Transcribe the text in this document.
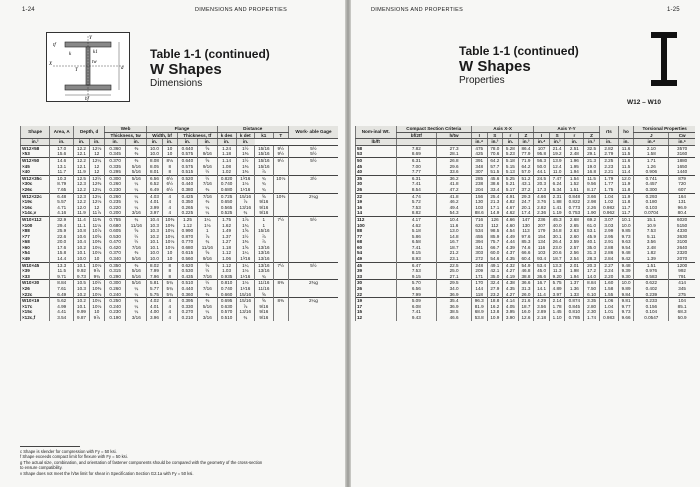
1-24	DIMENSIONS AND PROPERTIES
tf
bf
d
X
Y
tw
k	k1
T
Table 1-1 (continued)
W Shapes
Dimensions
Shape	Area, A	Depth, d		Web		Flange				Distance				Work- able Gage
				Thickness, tw		Width, bf		Thickness, tf		k des	k det	k1	T	
in.²	in.	in.	in.	in.	in.	in.	in.	in.	in.	in.	in.			
W12×58	17.0	12.2	12⅛	0.360	⅜	10.0	10	0.640	⅝	1.24	1½	15/16	9½	5½
×53	15.6	12.1	12	0.345	⅜	10.0	10	0.575	9/16	1.18	1⅜	15/16	9½	5½
W12×50	14.6	12.2	12¼	0.370	⅜	8.08	8⅛	0.640	⅝	1.14	1½	15/16	9½	5½
×45	13.1	12.1	12	0.335	5/16	8.05	8	0.575	9/16	1.08	1⅜	15/16		
×40	11.7	11.9	12	0.295	5/16	8.01	8	0.515	½	1.02	1⅜	⅞		
W12×35c	10.3	12.5	12½	0.300	5/16	6.56	6½	0.520	½	0.820	1³⁄16	¾	10⅛	3½
×30c	8.79	12.3	12⅜	0.260	¼	6.52	6½	0.440	7/16	0.740	1⅛	¾		
×26c	7.65	12.2	12¼	0.230	¼	6.49	6½	0.380	⅜	0.680	1¹⁄16	¾		
W12×22c	6.48	12.3	12¼	0.260	¼	4.03	4	0.425	7/16	0.725	15/16	⅝	10⅜	2¼g
×19c	5.57	12.2	12⅛	0.235	¼	4.01	4	0.350	⅜	0.650	⅞	9/16		
×16c	4.71	12.0	12	0.220	¼	3.99	4	0.265	¼	0.565	13/16	9/16		
×14c,v	4.16	11.9	11⅞	0.200	3/16	3.97	4	0.225	¼	0.525	¾	9/16		
W10×112	32.9	11.4	11⅜	0.755	¾	10.4	10⅜	1.25	1¼	1.75	1⅞	1	7½	5½
×100	29.4	11.1	11⅛	0.680	11/16	10.3	10⅜	1.12	1⅛	1.62	1¾	1		
×88	25.9	10.8	10⅞	0.605	⅝	10.3	10¼	0.990	1	1.49	1⅝	15/16		
×77	22.6	10.6	10⅝	0.530	½	10.2	10¼	0.870	⅞	1.37	1½	⅞		
×68	20.0	10.4	10⅜	0.470	½	10.1	10⅛	0.770	¾	1.27	1⅜	⅞		
×60	17.6	10.2	10¼	0.420	7/16	10.1	10⅛	0.680	11/16	1.18	1⅝	13/16		
×54	15.8	10.1	10⅛	0.370	⅜	10.0	10	0.615	⅝	1.12	1¼	13/16		
×49	14.4	10.0	10	0.340	5/16	10.0	10	0.560	9/16	1.06	1³⁄16	13/16		
W10×45	13.3	10.1	10⅛	0.350	⅜	8.02	8	0.620	⅝	1.12	1¼	13/16	7½	5½
×39	11.5	9.92	9⅞	0.315	5/16	7.99	8	0.530	½	1.03	1⅛	13/16		
×33	9.71	9.73	9¾	0.290	5/16	7.96	8	0.435	7/16	0.935	1¹⁄16	¾		
W10×30	8.84	10.5	10½	0.300	5/16	5.81	5¾	0.510	½	0.810	1⅛	11/16	8⅜	2¾g
×26	7.61	10.3	10⅜	0.260	¼	5.77	5¾	0.440	7/16	0.740	1¹⁄16	11/16		
×22c	6.49	10.2	10⅛	0.240	¼	5.75	5¾	0.360	⅜	0.660	15/16	⅝		
W10×19	5.62	10.2	10¼	0.250	¼	4.02	4	0.395	⅜	0.695	15/16	⅝	8⅜	2¼g
×17c	4.99	10.1	10⅛	0.240	¼	4.01	4	0.330	5/16	0.630	⅞	9/16		
×15c	4.41	9.99	10	0.230	¼	4.00	4	0.270	¼	0.570	13/16	9/16		
×12c,f	3.54	9.87	9⅞	0.190	3/16	3.96	4	0.210	3/16	0.510	¾	9/16		
c Shape is slender for compression with Fy = 50 ksi.
f Shape exceeds compact limit for flexure with Fy = 50 ksi.
g The actual size, combination, and orientation of fastener components should be compared with the geometry of the cross-section
to ensure compatibility.
v Shape does not meet the h/tw limit for shear in Specification Section G2.1a with Fy = 50 ksi.
DIMENSIONS AND PROPERTIES	1-25
Table 1-1 (continued)
W Shapes
Properties
W12 – W10
Nom-inal Wt.	Compact Section Criteria		Axis X-X				Axis Y-Y				rts	ho	Torsional Properties	
	bf/2tf	h/tw	I	S	r	Z	I	S	r	Z			J	Cw
lb/ft			in.⁴	in.³	in.	in.³	in.⁴	in.³	in.	in.³	in.	in.	in.⁴	in.⁶
58	7.82	27.3	475	78.0	5.28	86.4	107	21.4	2.51	32.5	2.82	11.6	2.10	3570
53	8.69	28.1	425	70.6	5.23	77.9	95.8	19.2	2.48	29.1	2.79	11.5	1.58	3160
50	6.31	26.8	391	64.2	5.18	71.9	56.3	13.9	1.96	21.3	2.25	11.6	1.71	1880
45	7.00	29.6	348	57.7	5.15	64.2	50.0	12.4	1.95	19.0	2.23	11.5	1.26	1650
40	7.77	33.6	307	51.5	5.13	57.0	44.1	11.0	1.94	16.8	2.21	11.4	0.906	1440
35	6.31	36.2	285	45.6	5.25	51.2	24.5	7.47	1.54	11.5	1.79	12.0	0.741	879
30	7.41	41.8	238	38.6	5.21	43.1	20.3	6.24	1.52	9.56	1.77	11.9	0.457	720
26	8.54	47.2	204	33.4	5.17	37.2	17.3	5.34	1.51	8.17	1.75	11.8	0.300	607
22	4.74	41.8	156	25.4	4.91	29.3	4.66	2.31	0.848	3.66	1.04	11.9	0.293	164
19	5.72	46.2	130	21.3	4.82	24.7	3.76	1.88	0.822	2.98	1.02	11.8	0.180	131
16	7.53	49.4	103	17.1	4.67	20.1	2.82	1.41	0.773	2.26	0.982	11.7	0.103	96.9
14	8.82	54.3	88.6	14.9	4.62	17.4	2.36	1.19	0.753	1.90	0.962	11.7	0.0704	80.4
112	4.17	10.4	716	126	4.66	147	236	45.3	2.68	69.2	3.07	10.1	15.1	6020
100	4.62	11.6	623	112	4.60	130	207	40.0	2.65	61.0	3.03	10.0	10.9	5150
88	5.18	13.0	534	98.5	4.54	113	179	34.8	2.63	53.1	2.99	9.85	7.53	4330
77	5.86	14.8	455	85.9	4.49	97.6	154	30.1	2.60	45.9	2.95	9.73	5.11	3630
68	6.58	16.7	394	75.7	4.44	85.3	134	26.4	2.59	40.1	2.91	9.63	3.56	3100
60	7.41	18.7	341	66.7	4.39	74.6	116	23.0	2.57	35.0	2.88	9.54	2.48	2640
54	8.15	21.2	303	60.0	4.37	66.6	103	20.6	2.56	31.3	2.86	9.48	1.82	2320
49	8.93	23.1	272	54.6	4.35	60.4	93.4	18.7	2.54	28.3	2.84	9.42	1.39	2070
45	6.47	22.5	248	49.1	4.32	54.9	53.4	13.3	2.01	20.3	2.27	9.48	1.51	1200
39	7.53	25.0	209	42.1	4.27	46.8	45.0	11.3	1.98	17.2	2.24	9.39	0.976	992
33	9.15	27.1	171	35.0	4.19	38.8	36.6	9.20	1.94	14.0	2.20	9.30	0.583	791
30	5.70	29.5	170	32.4	4.38	36.6	16.7	5.75	1.37	8.84	1.60	10.0	0.622	414
26	6.56	34.0	144	27.9	4.35	31.3	14.1	4.89	1.36	7.50	1.58	9.89	0.402	345
22	7.99	36.9	118	23.2	4.27	26.0	11.4	3.97	1.33	6.10	1.55	9.84	0.239	275
19	5.09	35.4	96.3	18.8	4.14	21.6	4.29	2.14	0.874	3.35	1.06	9.81	0.233	104
17	6.08	36.9	81.9	16.2	4.05	18.7	3.56	1.78	0.845	2.80	1.04	9.77	0.156	85.1
15	7.41	38.5	68.9	13.8	3.95	16.0	2.89	1.45	0.810	2.30	1.01	9.73	0.104	68.3
12	9.43	46.6	53.8	10.9	3.90	12.6	2.18	1.10	0.785	1.74	0.983	9.66	0.0547	50.9
